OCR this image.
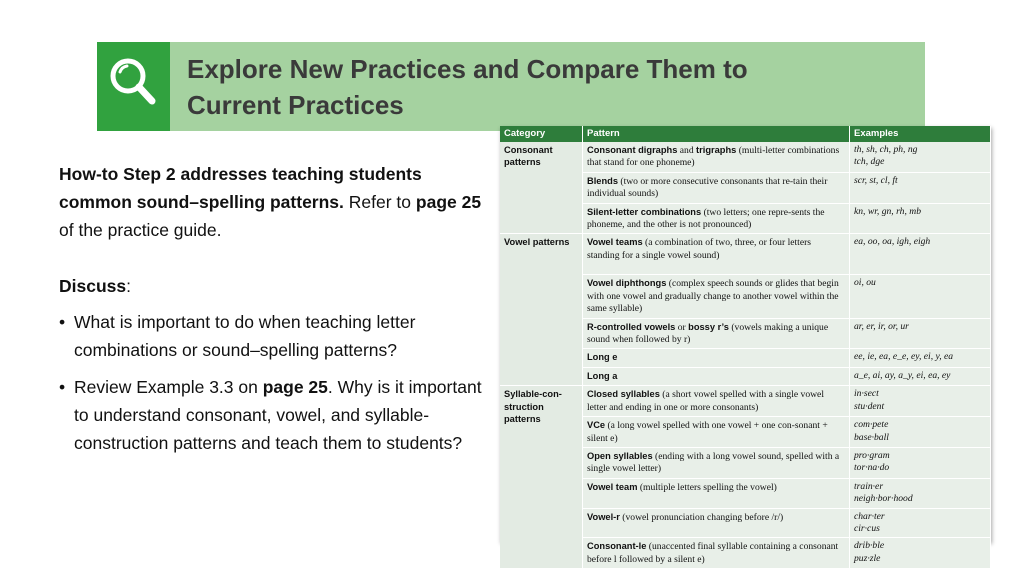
Explore New Practices and Compare Them to
Current Practices

How-to Step 2 addresses teaching students common sound–spelling patterns. Refer to page 25 of the practice guide.

Discuss:

• What is important to do when teaching letter combinations or sound–spelling patterns?
• Review Example 3.3 on page 25. Why is it important to understand consonant, vowel, and syllable-construction patterns and teach them to students?
Category	Pattern	Examples
Consonant patterns	Consonant digraphs and trigraphs (multi-letter combinations that stand for one phoneme)	th, sh, ch, ph, ng
tch, dge
	Blends (two or more consecutive consonants that re-tain their individual sounds)	scr, st, cl, ft
	Silent-letter combinations (two letters; one repre-sents the phoneme, and the other is not pronounced)	kn, wr, gn, rh, mb
Vowel patterns	Vowel teams (a combination of two, three, or four letters standing for a single vowel sound)	ea, oo, oa, igh, eigh
	Vowel diphthongs (complex speech sounds or glides that begin with one vowel and gradually change to another vowel within the same syllable)	oi, ou
	R-controlled vowels or bossy r’s (vowels making a unique sound when followed by r)	ar, er, ir, or, ur
	Long e	ee, ie, ea, e_e, ey, ei, y, ea
	Long a	a_e, ai, ay, a_y, ei, ea, ey
Syllable-con-struction patterns	Closed syllables (a short vowel spelled with a single vowel letter and ending in one or more consonants)	in·sect
stu·dent
	VCe (a long vowel spelled with one vowel + one con-sonant + silent e)	com·pete
base·ball
	Open syllables (ending with a long vowel sound, spelled with a single vowel letter)	pro·gram
tor·na·do
	Vowel team (multiple letters spelling the vowel)	train·er
neigh·bor·hood
	Vowel-r (vowel pronunciation changing before /r/)	char·ter
cir·cus
	Consonant-le (unaccented final syllable containing a consonant before l followed by a silent e)	drib·ble
puz·zle
